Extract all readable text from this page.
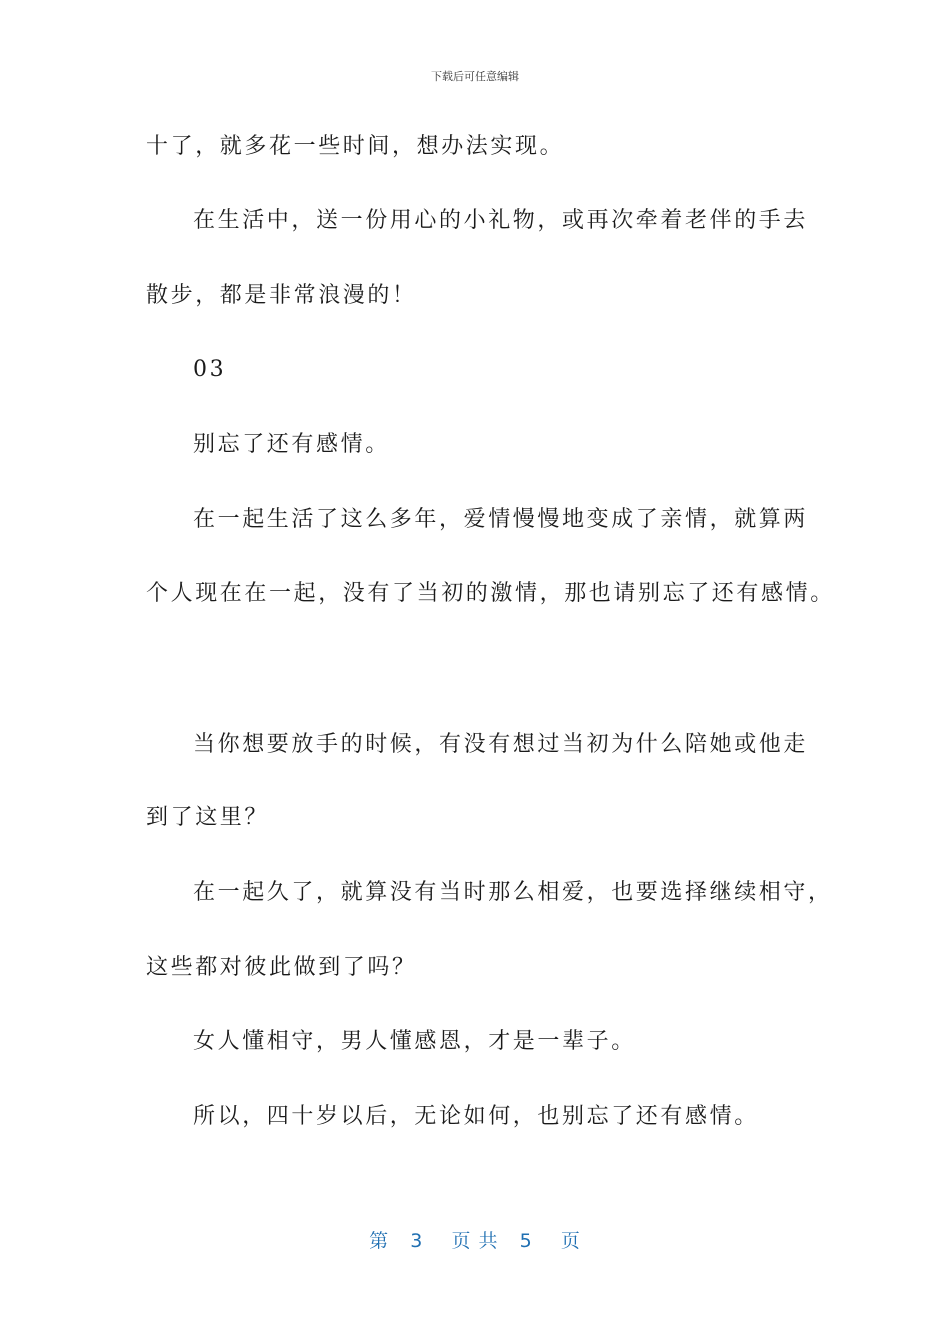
下载后可任意编辑
十了，就多花一些时间，想办法实现。
在生活中，送一份用心的小礼物，或再次牵着老伴的手去
散步，都是非常浪漫的！
03
别忘了还有感情。
在一起生活了这么多年，爱情慢慢地变成了亲情，就算两
个人现在在一起，没有了当初的激情，那也请别忘了还有感情。
当你想要放手的时候，有没有想过当初为什么陪她或他走
到了这里？
在一起久了，就算没有当时那么相爱，也要选择继续相守，
这些都对彼此做到了吗？
女人懂相守，男人懂感恩，才是一辈子。
所以，四十岁以后，无论如何，也别忘了还有感情。
第 3 页 共 5 页
